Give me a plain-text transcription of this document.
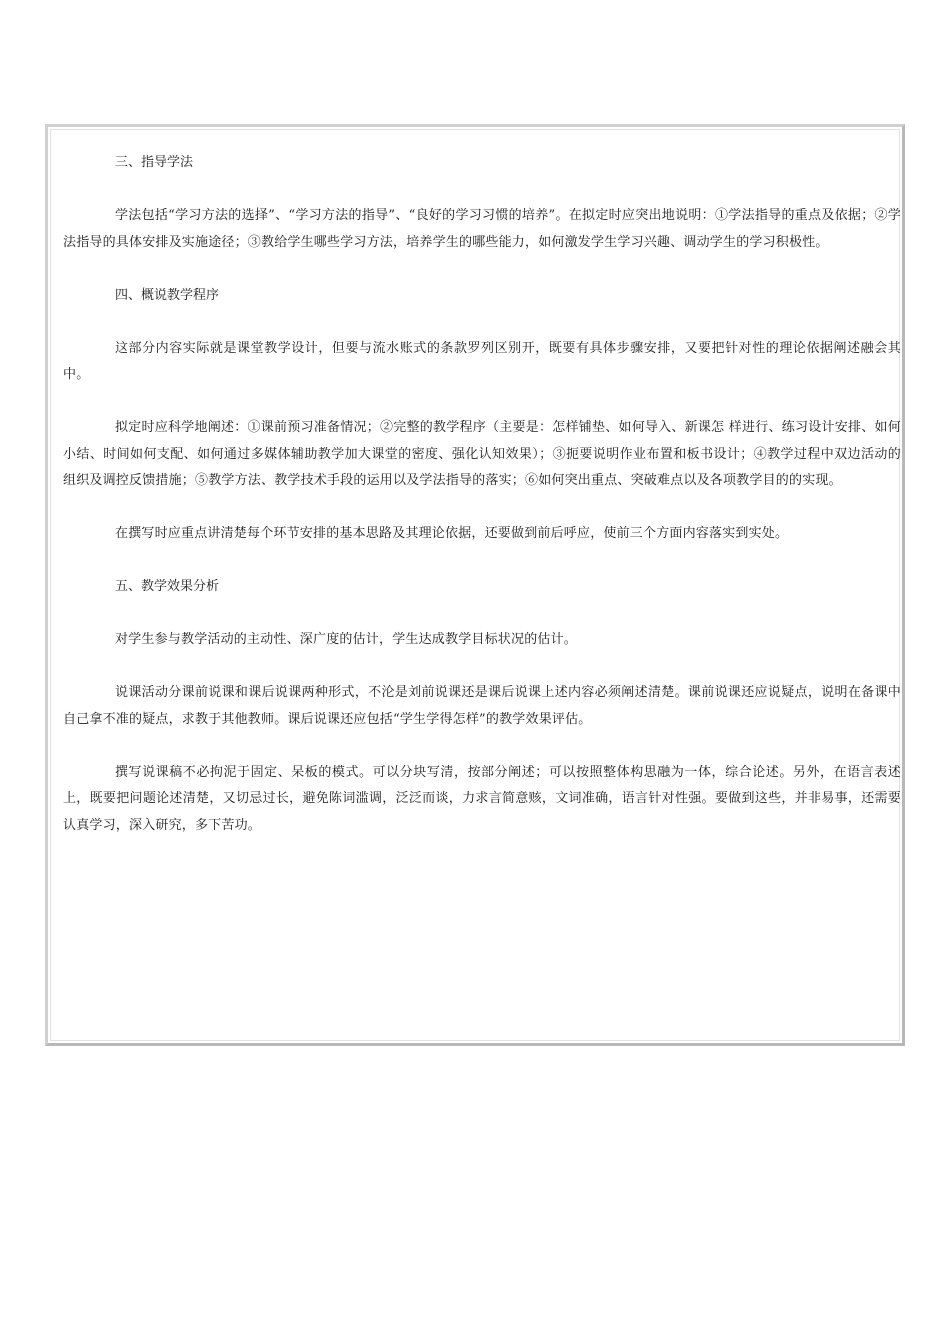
三、指导学法

学法包括“学习方法的选择”、“学习方法的指导”、“良好的学习习惯的培养”。在拟定时应突出地说明：①学法指导的重点及依据；②学法指导的具体安排及实施途径；③教给学生哪些学习方法，培养学生的哪些能力，如何激发学生学习兴趣、调动学生的学习积极性。

四、概说教学程序

这部分内容实际就是课堂教学设计，但要与流水账式的条款罗列区别开，既要有具体步骤安排，又要把针对性的理论依据阐述融会其中。

拟定时应科学地阐述：①课前预习准备情况；②完整的教学程序（主要是：怎样铺垫、如何导入、新课怎 样进行、练习设计安排、如何小结、时间如何支配、如何通过多媒体辅助教学加大课堂的密度、强化认知效果）；③扼要说明作业布置和板书设计；④教学过程中双边活动的组织及调控反馈措施；⑤教学方法、教学技术手段的运用以及学法指导的落实；⑥如何突出重点、突破难点以及各项教学目的的实现。

在撰写时应重点讲清楚每个环节安排的基本思路及其理论依据，还要做到前后呼应，使前三个方面内容落实到实处。

五、教学效果分析

对学生参与教学活动的主动性、深广度的估计，学生达成教学目标状况的估计。

说课活动分课前说课和课后说课两种形式，不沦是刘前说课还是课后说课上述内容必须阐述清楚。课前说课还应说疑点，说明在备课中自己拿不准的疑点，求教于其他教师。课后说课还应包括“学生学得怎样”的教学效果评估。

撰写说课稿不必拘泥于固定、呆板的模式。可以分块写清，按部分阐述；可以按照整体构思融为一体，综合论述。另外，在语言表述上，既要把问题论述清楚，又切忌过长，避免陈词滥调，泛泛而谈，力求言简意赅，文词准确，语言针对性强。要做到这些，并非易事，还需要认真学习，深入研究，多下苦功。
